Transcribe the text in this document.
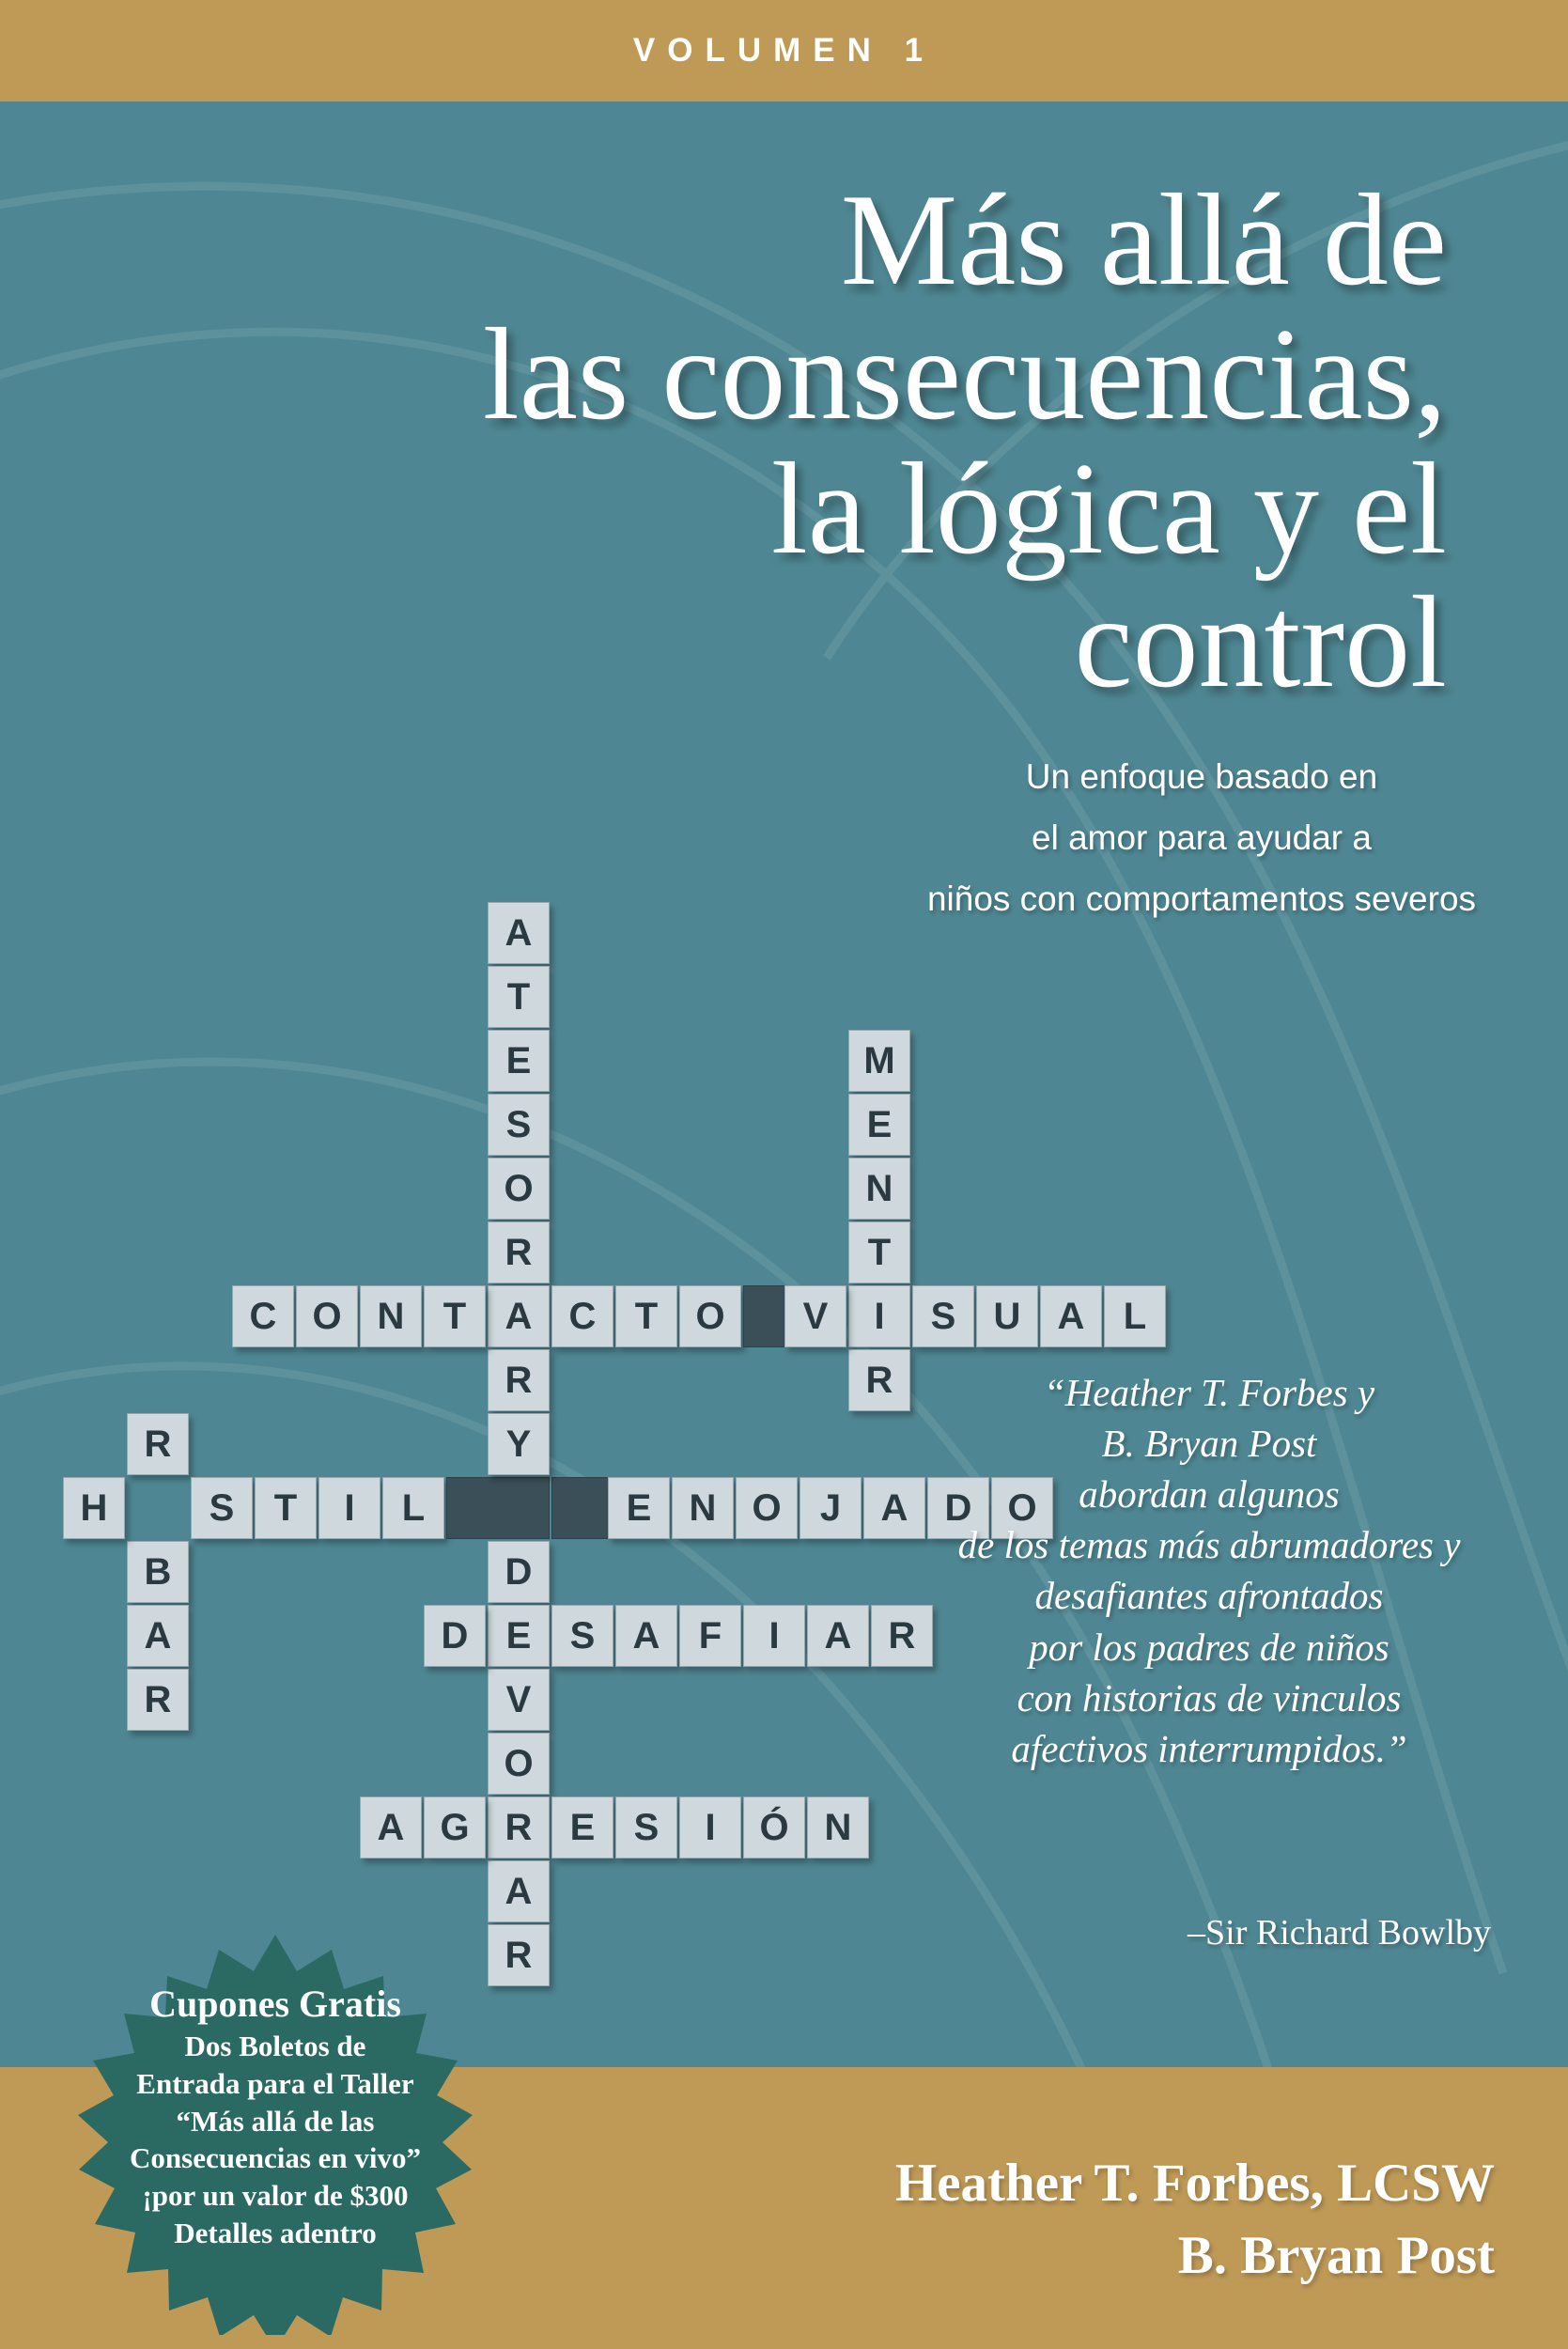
VOLUMEN 1
Más allá de
las consecuencias,
la lógica y el
control
Un enfoque basado en
el amor para ayudar a
niños con comportamentos severos
A
T
E
S
O
R
A
R
M
E
N
T
I
R
C O N	T	C	T	O	V	S	U A	L
R
B
A
R
H	S	T	I	L	E	N O	J	A D O
Y
D
E
V
O
R
A
R
D	S	A	F	I	A R
A G	E	S	I	Ó N
“Heather T. Forbes y
B. Bryan Post
abordan algunos
de los temas más abrumadores y
desafiantes afrontados
por los padres de niños
con historias de vinculos
afectivos interrumpidos.”
–Sir Richard Bowlby
Cupones Gratis
Dos Boletos de
Entrada para el Taller
“Más allá de las
Consecuencias en vivo”
¡por un valor de $300
Detalles adentro
Heather T. Forbes, LCSW
B. Bryan Post
